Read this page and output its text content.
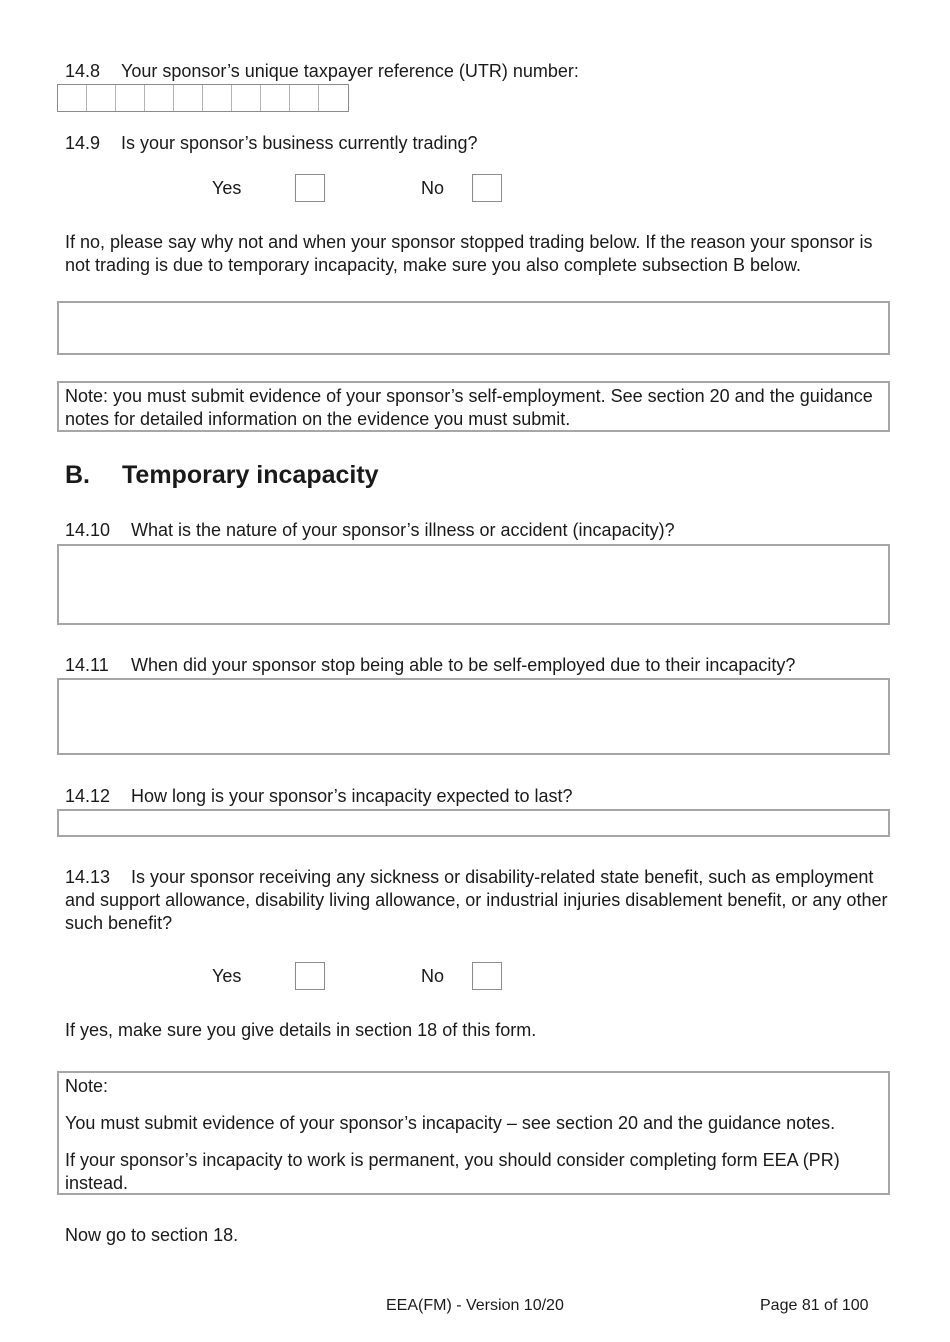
14.8 Your sponsor’s unique taxpayer reference (UTR) number:
14.9 Is your sponsor’s business currently trading?
Yes	No
If no, please say why not and when your sponsor stopped trading below. If the reason your sponsor is not trading is due to temporary incapacity, make sure you also complete subsection B below.
Note: you must submit evidence of your sponsor’s self-employment. See section 20 and the guidance notes for detailed information on the evidence you must submit.
B. Temporary incapacity
14.10 What is the nature of your sponsor’s illness or accident (incapacity)?
14.11 When did your sponsor stop being able to be self-employed due to their incapacity?
14.12 How long is your sponsor’s incapacity expected to last?
14.13 Is your sponsor receiving any sickness or disability-related state benefit, such as employment and support allowance, disability living allowance, or industrial injuries disablement benefit, or any other such benefit?
Yes	No
If yes, make sure you give details in section 18 of this form.

Note:

You must submit evidence of your sponsor’s incapacity – see section 20 and the guidance notes.

If your sponsor’s incapacity to work is permanent, you should consider completing form EEA (PR) instead.

Now go to section 18.
EEA(FM) - Version 10/20	Page 81 of 100
